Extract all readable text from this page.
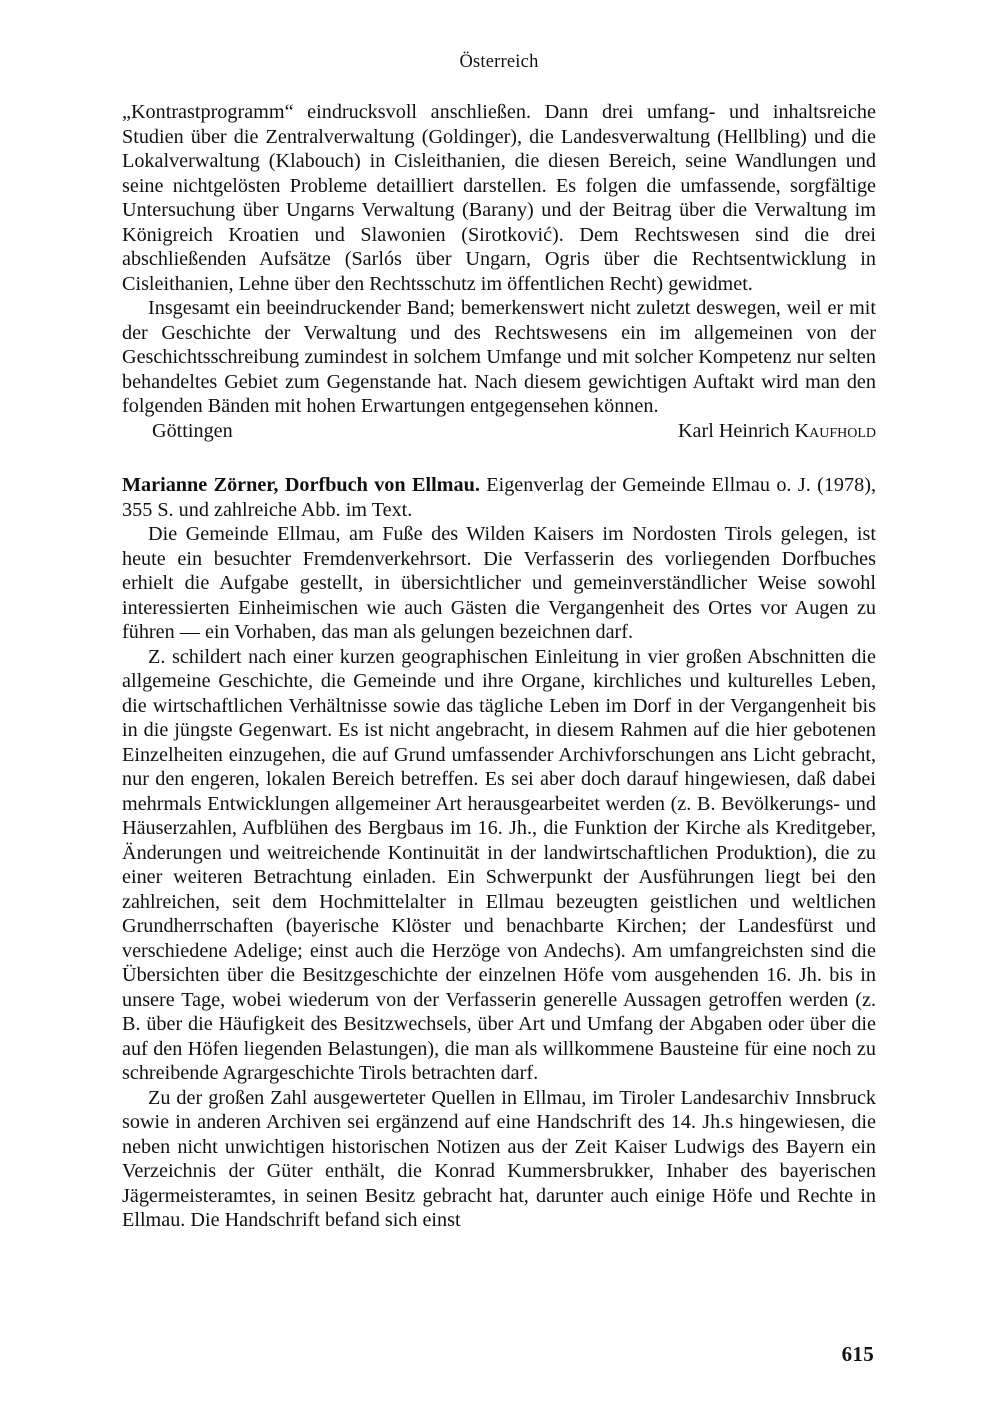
Österreich

„Kontrastprogramm“ eindrucksvoll anschließen. Dann drei umfang- und inhaltsreiche Studien über die Zentralverwaltung (Goldinger), die Landesverwaltung (Hellbling) und die Lokalverwaltung (Klabouch) in Cisleithanien, die diesen Bereich, seine Wandlungen und seine nichtgelösten Probleme detailliert darstellen. Es folgen die umfassende, sorgfältige Untersuchung über Ungarns Verwaltung (Barany) und der Beitrag über die Verwaltung im Königreich Kroatien und Slawonien (Sirotković). Dem Rechtswesen sind die drei abschließenden Aufsätze (Sarlós über Ungarn, Ogris über die Rechtsentwicklung in Cisleithanien, Lehne über den Rechtsschutz im öffentlichen Recht) gewidmet.

Insgesamt ein beeindruckender Band; bemerkenswert nicht zuletzt deswegen, weil er mit der Geschichte der Verwaltung und des Rechtswesens ein im allgemeinen von der Geschichtsschreibung zumindest in solchem Umfange und mit solcher Kompetenz nur selten behandeltes Gebiet zum Gegenstande hat. Nach diesem gewichtigen Auftakt wird man den folgenden Bänden mit hohen Erwartungen entgegensehen können.

Göttingen	Karl Heinrich Kaufhold

Marianne Zörner, Dorfbuch von Ellmau. Eigenverlag der Gemeinde Ellmau o. J. (1978), 355 S. und zahlreiche Abb. im Text.

Die Gemeinde Ellmau, am Fuße des Wilden Kaisers im Nordosten Tirols gelegen, ist heute ein besuchter Fremdenverkehrsort. Die Verfasserin des vorliegenden Dorfbuches erhielt die Aufgabe gestellt, in übersichtlicher und gemeinverständlicher Weise sowohl interessierten Einheimischen wie auch Gästen die Vergangenheit des Ortes vor Augen zu führen — ein Vorhaben, das man als gelungen bezeichnen darf.

Z. schildert nach einer kurzen geographischen Einleitung in vier großen Abschnitten die allgemeine Geschichte, die Gemeinde und ihre Organe, kirchliches und kulturelles Leben, die wirtschaftlichen Verhältnisse sowie das tägliche Leben im Dorf in der Vergangenheit bis in die jüngste Gegenwart. Es ist nicht angebracht, in diesem Rahmen auf die hier gebotenen Einzelheiten einzugehen, die auf Grund umfassender Archivforschungen ans Licht gebracht, nur den engeren, lokalen Bereich betreffen. Es sei aber doch darauf hingewiesen, daß dabei mehrmals Entwicklungen allgemeiner Art herausgearbeitet werden (z. B. Bevölkerungs- und Häuserzahlen, Aufblühen des Bergbaus im 16. Jh., die Funktion der Kirche als Kreditgeber, Änderungen und weitreichende Kontinuität in der landwirtschaftlichen Produktion), die zu einer weiteren Betrachtung einladen. Ein Schwerpunkt der Ausführungen liegt bei den zahlreichen, seit dem Hochmittelalter in Ellmau bezeugten geistlichen und weltlichen Grundherrschaften (bayerische Klöster und benachbarte Kirchen; der Landesfürst und verschiedene Adelige; einst auch die Herzöge von Andechs). Am umfangreichsten sind die Übersichten über die Besitzgeschichte der einzelnen Höfe vom ausgehenden 16. Jh. bis in unsere Tage, wobei wiederum von der Verfasserin generelle Aussagen getroffen werden (z. B. über die Häufigkeit des Besitzwechsels, über Art und Umfang der Abgaben oder über die auf den Höfen liegenden Belastungen), die man als willkommene Bausteine für eine noch zu schreibende Agrargeschichte Tirols betrachten darf.

Zu der großen Zahl ausgewerteter Quellen in Ellmau, im Tiroler Landesarchiv Innsbruck sowie in anderen Archiven sei ergänzend auf eine Handschrift des 14. Jh.s hingewiesen, die neben nicht unwichtigen historischen Notizen aus der Zeit Kaiser Ludwigs des Bayern ein Verzeichnis der Güter enthält, die Konrad Kummersbrukker, Inhaber des bayerischen Jägermeisteramtes, in seinen Besitz gebracht hat, darunter auch einige Höfe und Rechte in Ellmau. Die Handschrift befand sich einst

615
